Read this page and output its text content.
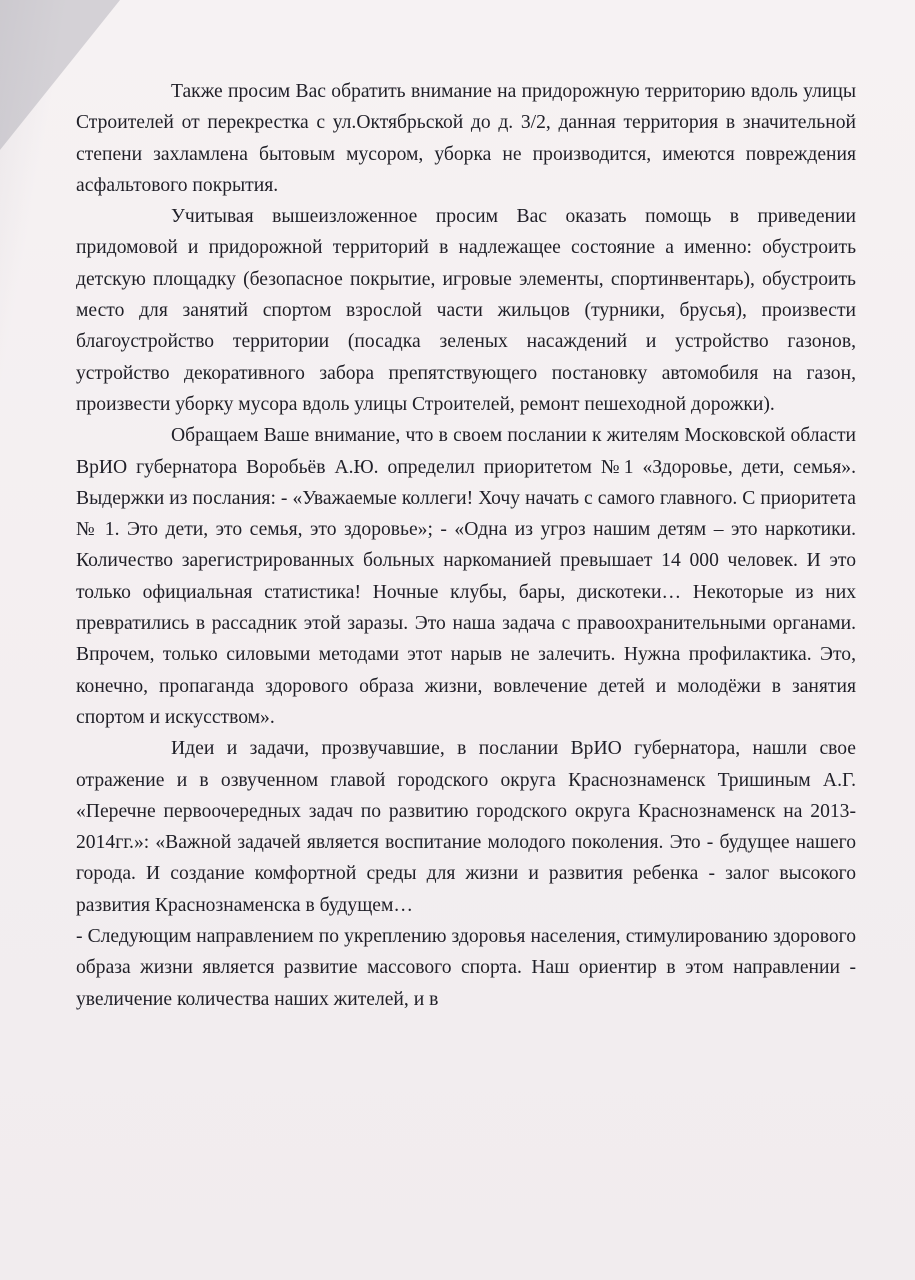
Также просим Вас обратить внимание на придорожную территорию вдоль улицы Строителей от перекрестка с ул.Октябрьской до д. 3/2, данная территория в значительной степени захламлена бытовым мусором, уборка не производится, имеются повреждения асфальтового покрытия.

Учитывая вышеизложенное просим Вас оказать помощь в приведении придомовой и придорожной территорий в надлежащее состояние а именно: обустроить детскую площадку (безопасное покрытие, игровые элементы, спортинвентарь), обустроить место для занятий спортом взрослой части жильцов (турники, брусья), произвести благоустройство территории (посадка зеленых насаждений и устройство газонов, устройство декоративного забора препятствующего постановку автомобиля на газон, произвести уборку мусора вдоль улицы Строителей, ремонт пешеходной дорожки).

Обращаем Ваше внимание, что в своем послании к жителям Московской области ВрИО губернатора Воробьёв А.Ю. определил приоритетом №1 «Здоровье, дети, семья». Выдержки из послания: - «Уважаемые коллеги! Хочу начать с самого главного. С приоритета № 1. Это дети, это семья, это здоровье»; - «Одна из угроз нашим детям – это наркотики. Количество зарегистрированных больных наркоманией превышает 14 000 человек. И это только официальная статистика! Ночные клубы, бары, дискотеки… Некоторые из них превратились в рассадник этой заразы. Это наша задача с правоохранительными органами. Впрочем, только силовыми методами этот нарыв не залечить. Нужна профилактика. Это, конечно, пропаганда здорового образа жизни, вовлечение детей и молодёжи в занятия спортом и искусством».

Идеи и задачи, прозвучавшие, в послании ВрИО губернатора, нашли свое отражение и в озвученном главой городского округа Краснознаменск Тришиным А.Г. «Перечне первоочередных задач по развитию городского округа Краснознаменск на 2013-2014гг.»: «Важной задачей является воспитание молодого поколения. Это - будущее нашего города. И создание комфортной среды для жизни и развития ребенка - залог высокого развития Краснознаменска в будущем…

- Следующим направлением по укреплению здоровья населения, стимулированию здорового образа жизни является развитие массового спорта. Наш ориентир в этом направлении - увеличение количества наших жителей, и в
